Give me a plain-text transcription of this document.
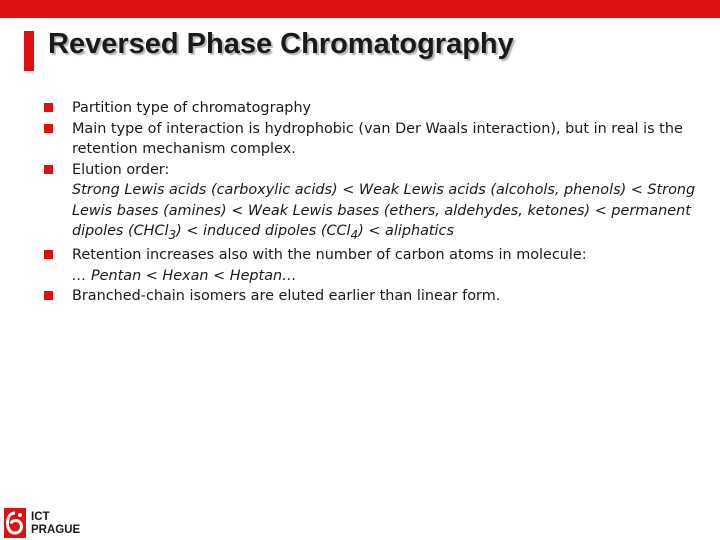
Reversed Phase Chromatography
Partition type of chromatography
Main type of interaction is hydrophobic (van Der Waals interaction), but in real is the retention mechanism complex.
Elution order:
Strong Lewis acids (carboxylic acids) < Weak Lewis acids (alcohols, phenols) < Strong Lewis bases (amines) < Weak Lewis bases (ethers, aldehydes, ketones) < permanent dipoles (CHCl$_3$) < induced dipoles (CCl$_4$) < aliphatics
Retention increases also with the number of carbon atoms in molecule:
… Pentan < Hexan < Heptan…
Branched-chain isomers are eluted earlier than linear form.
ICT
PRAGUE
